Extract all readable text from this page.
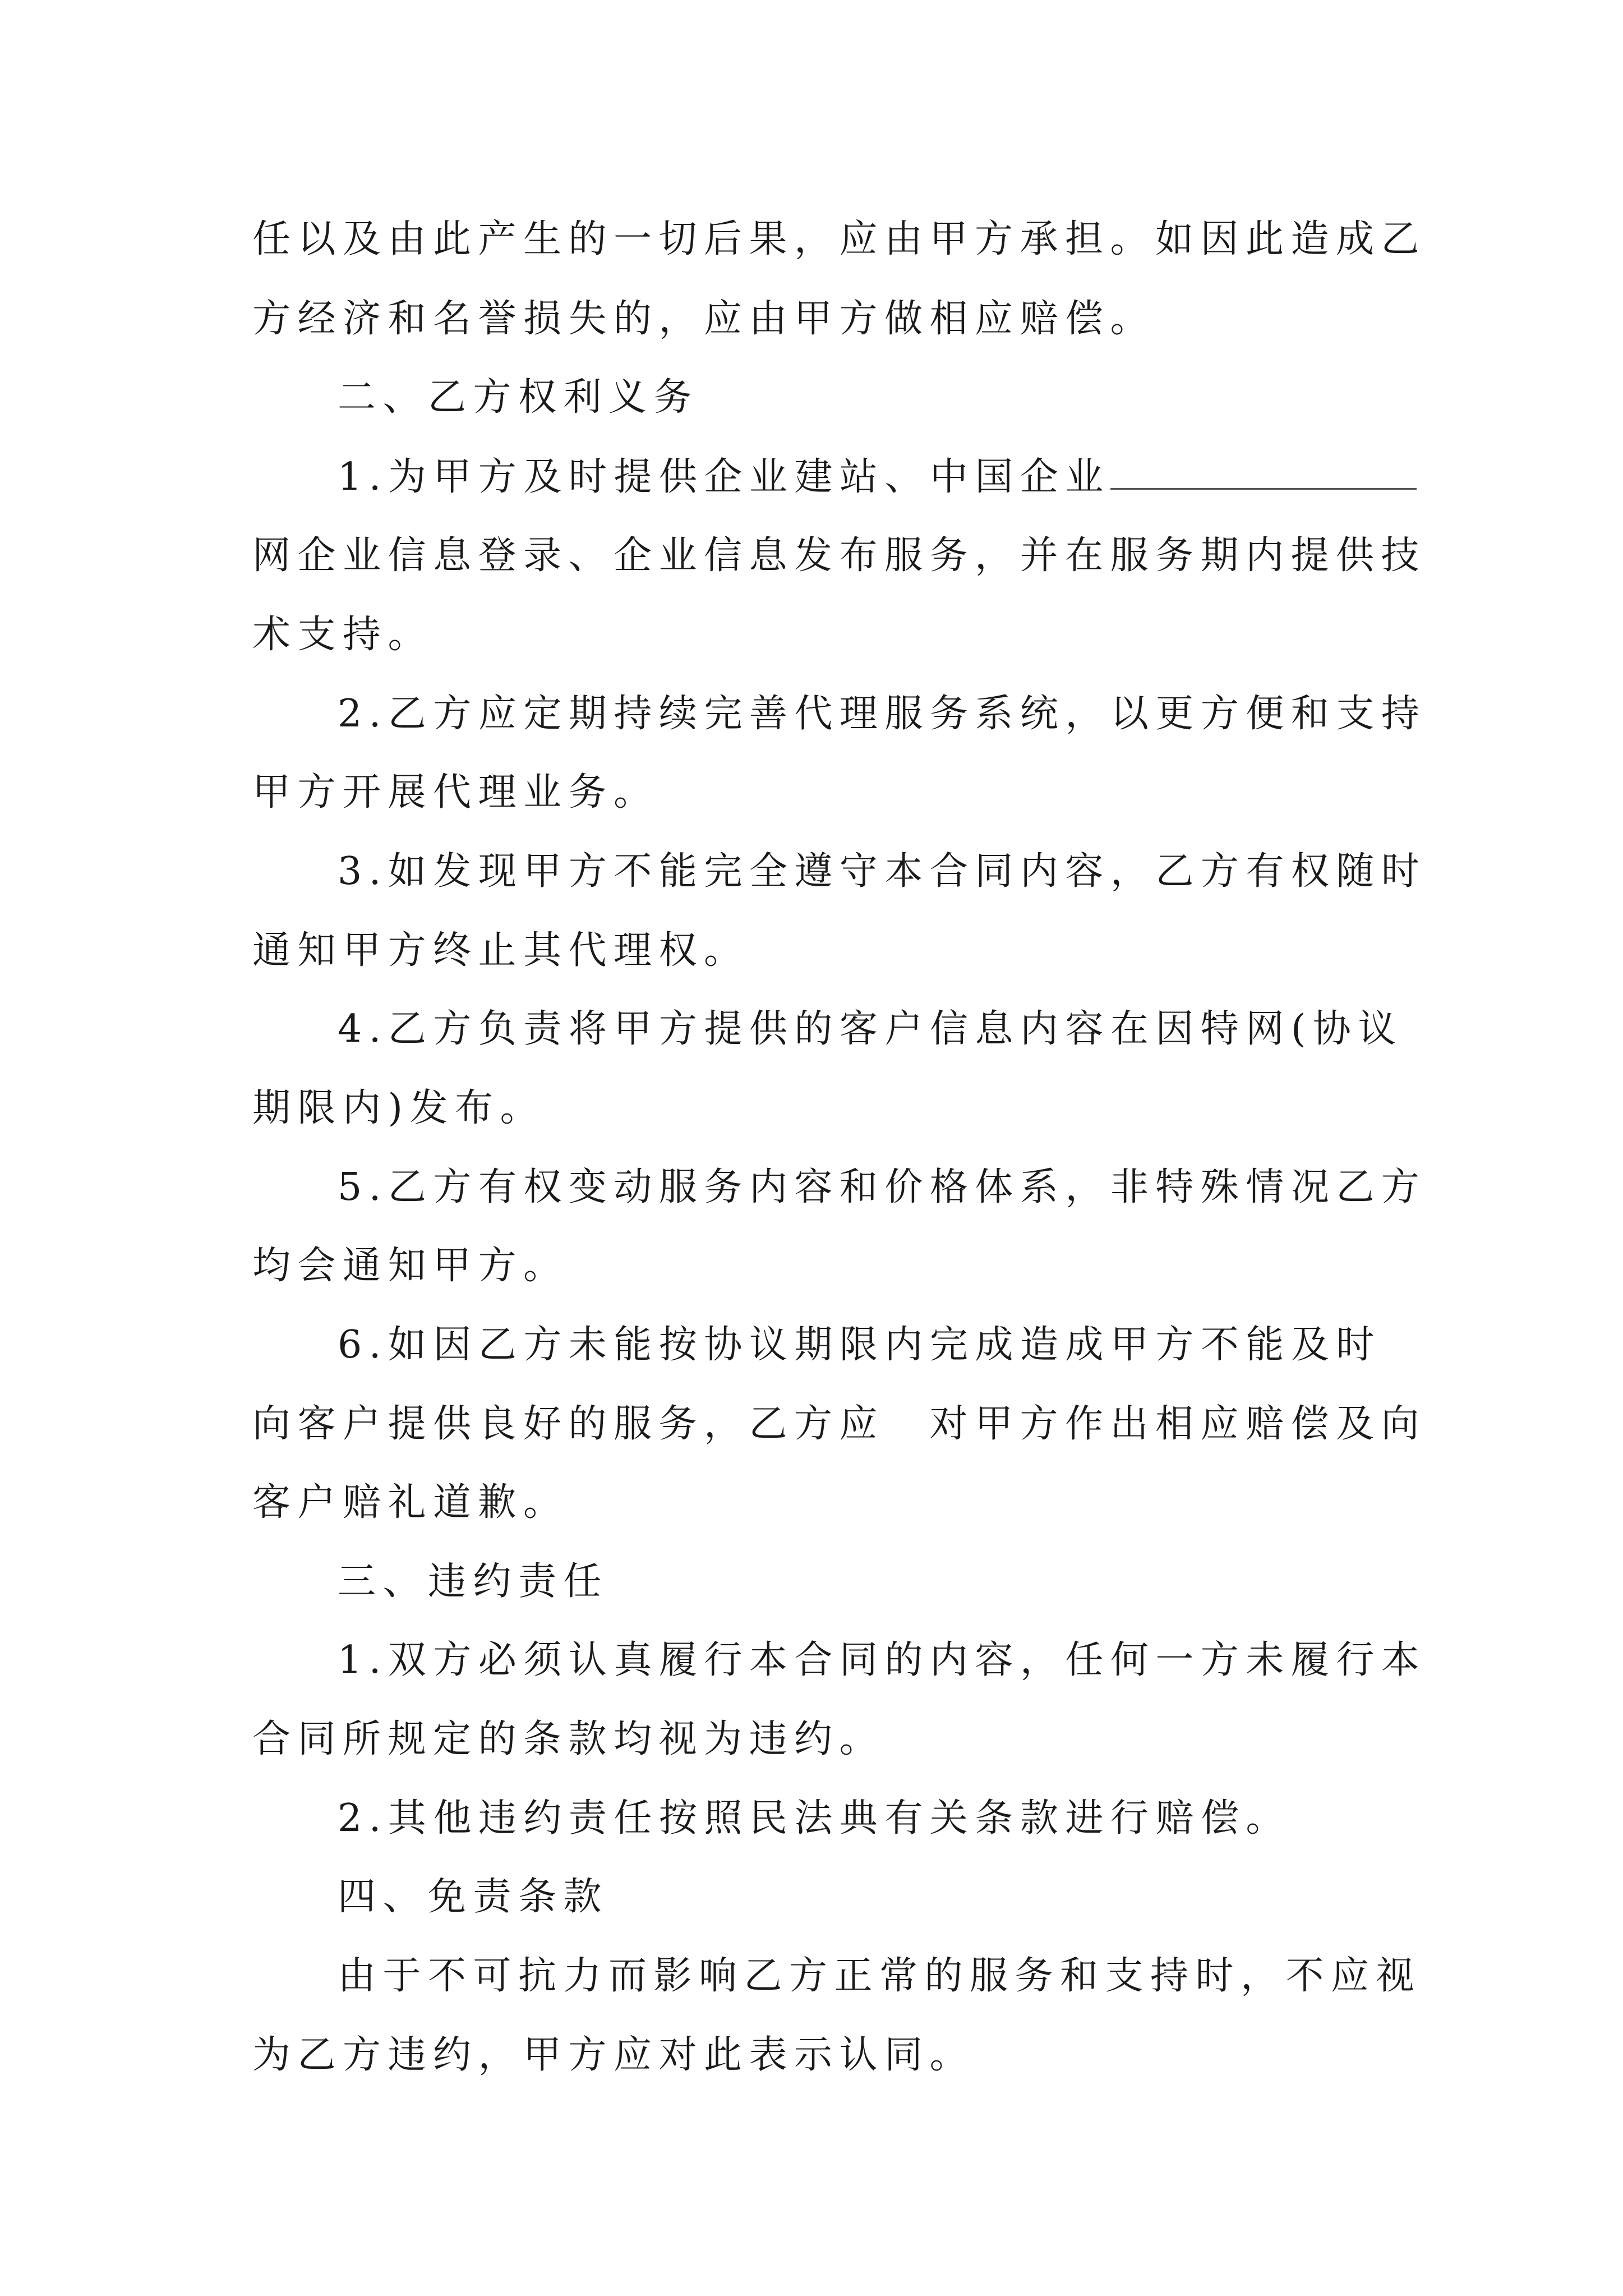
任以及由此产生的一切后果，应由甲方承担。如因此造成乙
方经济和名誉损失的，应由甲方做相应赔偿。
二、乙方权利义务
1.为甲方及时提供企业建站、中国企业
网企业信息登录、企业信息发布服务，并在服务期内提供技
术支持。
2.乙方应定期持续完善代理服务系统，以更方便和支持
甲方开展代理业务。
3.如发现甲方不能完全遵守本合同内容，乙方有权随时
通知甲方终止其代理权。
4.乙方负责将甲方提供的客户信息内容在因特网(协议
期限内)发布。
5.乙方有权变动服务内容和价格体系，非特殊情况乙方
均会通知甲方。
6.如因乙方未能按协议期限内完成造成甲方不能及时
向客户提供良好的服务，乙方应　对甲方作出相应赔偿及向
客户赔礼道歉。
三、违约责任
1.双方必须认真履行本合同的内容，任何一方未履行本
合同所规定的条款均视为违约。
2.其他违约责任按照民法典有关条款进行赔偿。
四、免责条款
由于不可抗力而影响乙方正常的服务和支持时，不应视
为乙方违约，甲方应对此表示认同。
